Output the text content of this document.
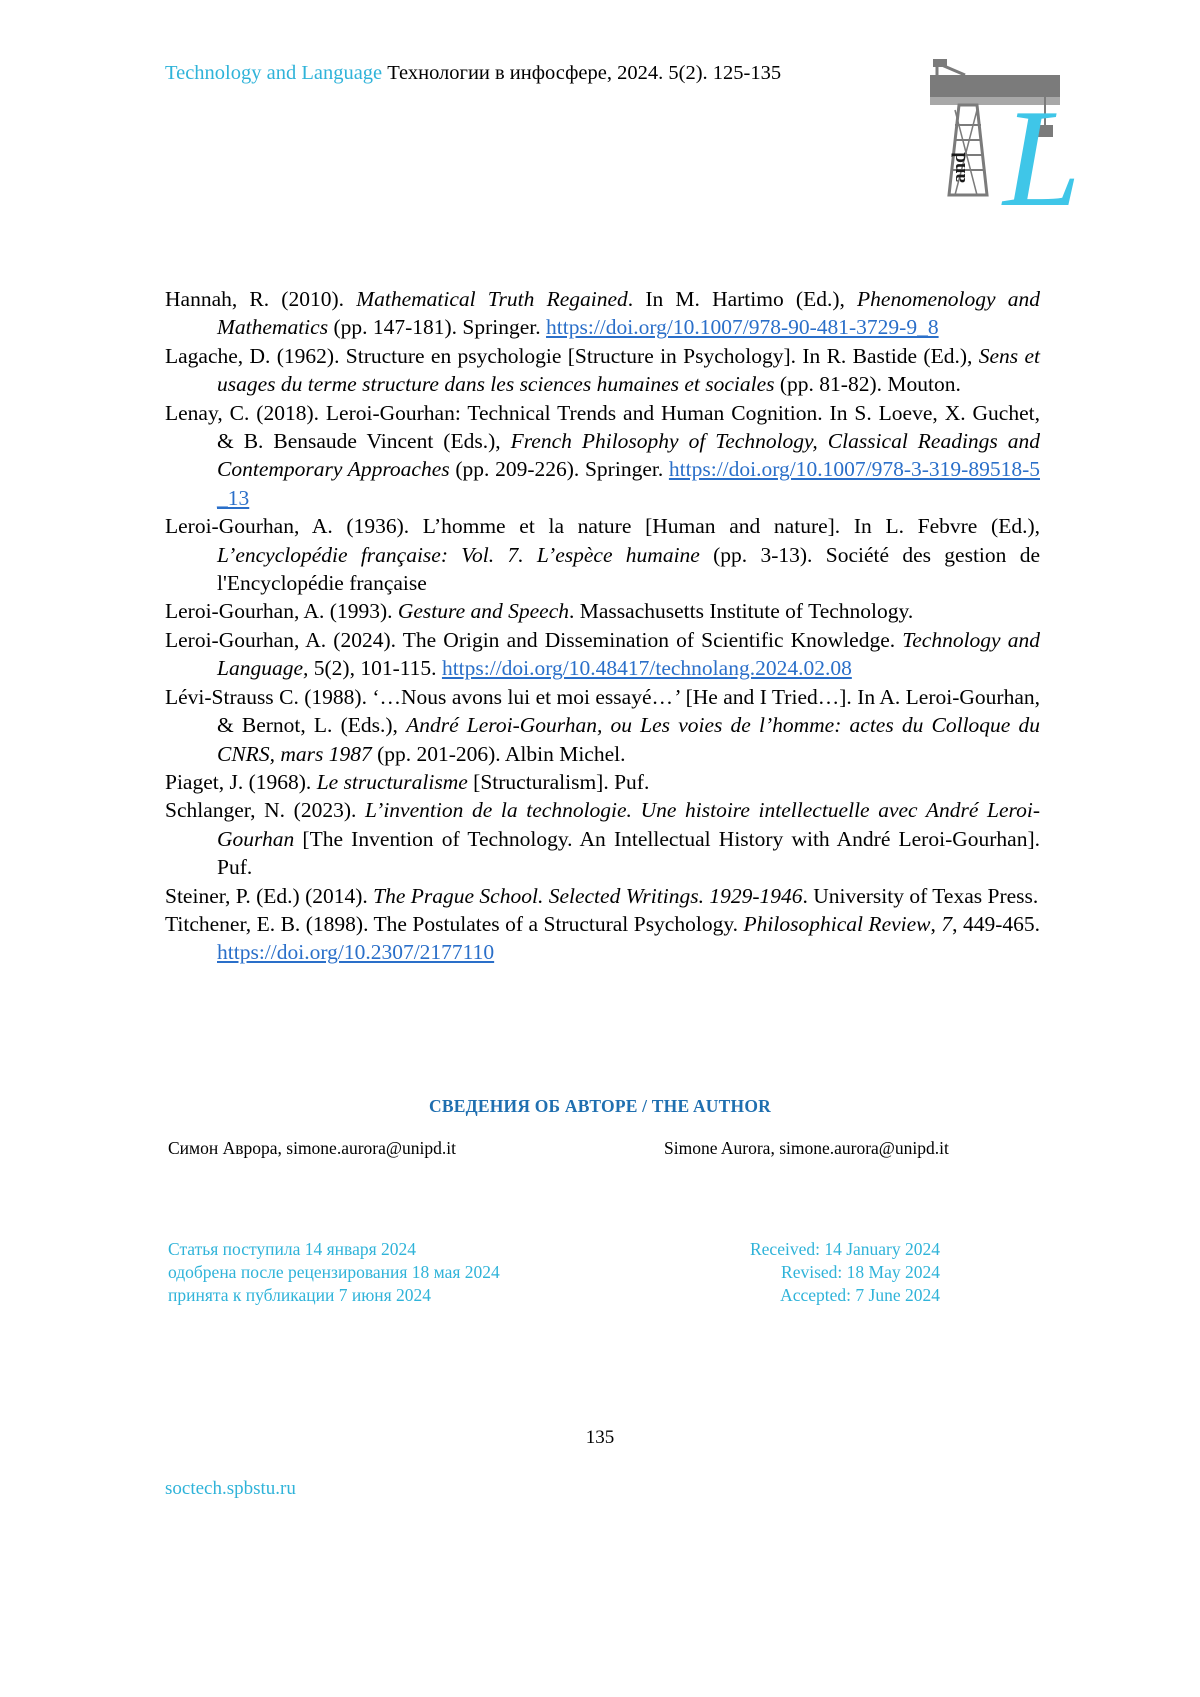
Technology and Language Технологии в инфосфере, 2024. 5(2). 125-135
L
and

Hannah, R. (2010). Mathematical Truth Regained. In M. Hartimo (Ed.), Phenomenology and Mathematics (pp. 147-181). Springer. https://doi.org/10.1007/978-90-481-3729-9_8

Lagache, D. (1962). Structure en psychologie [Structure in Psychology]. In R. Bastide (Ed.), Sens et usages du terme structure dans les sciences humaines et sociales (pp. 81-82). Mouton.

Lenay, C. (2018). Leroi-Gourhan: Technical Trends and Human Cognition. In S. Loeve, X. Guchet, & B. Bensaude Vincent (Eds.), French Philosophy of Technology, Classical Readings and Contemporary Approaches (pp. 209-226). Springer. https://doi.org/10.1007/978-3-319-89518-5_13

Leroi-Gourhan, A. (1936). L’homme et la nature [Human and nature]. In L. Febvre (Ed.), L’encyclopédie française: Vol. 7. L’espèce humaine (pp. 3-13). Société des gestion de l'Encyclopédie française

Leroi-Gourhan, A. (1993). Gesture and Speech. Massachusetts Institute of Technology.

Leroi-Gourhan, A. (2024). The Origin and Dissemination of Scientific Knowledge. Technology and Language, 5(2), 101-115. https://doi.org/10.48417/technolang.2024.02.08

Lévi-Strauss C. (1988). ‘…Nous avons lui et moi essayé…’ [He and I Tried…]. In A. Leroi-Gourhan, & Bernot, L. (Eds.), André Leroi-Gourhan, ou Les voies de l’homme: actes du Colloque du CNRS, mars 1987 (pp. 201-206). Albin Michel.

Piaget, J. (1968). Le structuralisme [Structuralism]. Puf.

Schlanger, N. (2023). L’invention de la technologie. Une histoire intellectuelle avec André Leroi-Gourhan [The Invention of Technology. An Intellectual History with André Leroi-Gourhan]. Puf.

Steiner, P. (Ed.) (2014). The Prague School. Selected Writings. 1929-1946. University of Texas Press.

Titchener, E. B. (1898). The Postulates of a Structural Psychology. Philosophical Review, 7, 449-465. https://doi.org/10.2307/2177110

СВЕДЕНИЯ ОБ АВТОРЕ / THE AUTHOR
Симон Аврора, simone.aurora@unipd.it	Simone Aurora, simone.aurora@unipd.it
Статья поступила 14 января 2024
одобрена после рецензирования 18 мая 2024
принята к публикации 7 июня 2024
Received: 14 January 2024
Revised: 18 May 2024
Accepted: 7 June 2024
135
soctech.spbstu.ru
